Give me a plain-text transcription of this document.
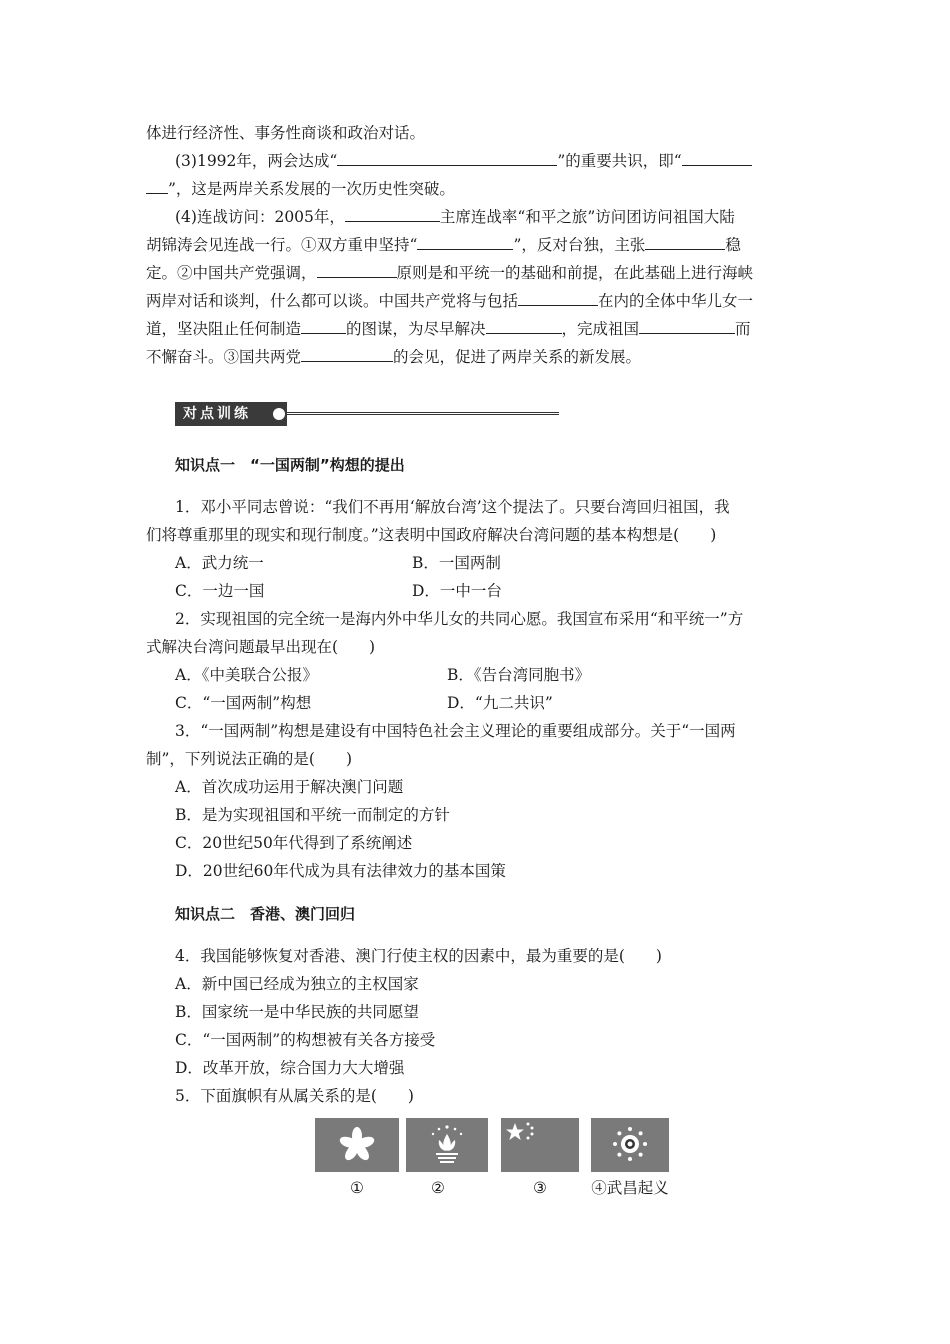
体进行经济性、事务性商谈和政治对话。
(3)1992年，两会达成“	”的重要共识，即“
”，这是两岸关系发展的一次历史性突破。
(4)连战访问：2005年，	主席连战率“和平之旅”访问团访问祖国大陆
胡锦涛会见连战一行。①双方重申坚持“	”，反对台独，主张	稳
定。②中国共产党强调，	原则是和平统一的基础和前提，在此基础上进行海峡
两岸对话和谈判，什么都可以谈。中国共产党将与包括	在内的全体中华儿女一
道，坚决阻止任何制造	的图谋，为尽早解决	，完成祖国	而
不懈奋斗。③国共两党	的会见，促进了两岸关系的新发展。
对点训练
知识点一　“一国两制”构想的提出
1．邓小平同志曾说：“我们不再用‘解放台湾’这个提法了。只要台湾回归祖国，我
们将尊重那里的现实和现行制度。”这表明中国政府解决台湾问题的基本构想是(　　)
A．武力统一	B．一国两制
C．一边一国	D．一中一台
2．实现祖国的完全统一是海内外中华儿女的共同心愿。我国宣布采用“和平统一”方
式解决台湾问题最早出现在(　　)
A．《中美联合公报》	B．《告台湾同胞书》
C．“一国两制”构想	D．“九二共识”
3．“一国两制”构想是建设有中国特色社会主义理论的重要组成部分。关于“一国两
制”，下列说法正确的是(　　)
A．首次成功运用于解决澳门问题
B．是为实现祖国和平统一而制定的方针
C．20世纪50年代得到了系统阐述
D．20世纪60年代成为具有法律效力的基本国策
知识点二　香港、澳门回归
4．我国能够恢复对香港、澳门行使主权的因素中，最为重要的是(　　)
A．新中国已经成为独立的主权国家
B．国家统一是中华民族的共同愿望
C．“一国两制”的构想被有关各方接受
D．改革开放，综合国力大大增强
5．下面旗帜有从属关系的是(　　)
①	②	③	④武昌起义
